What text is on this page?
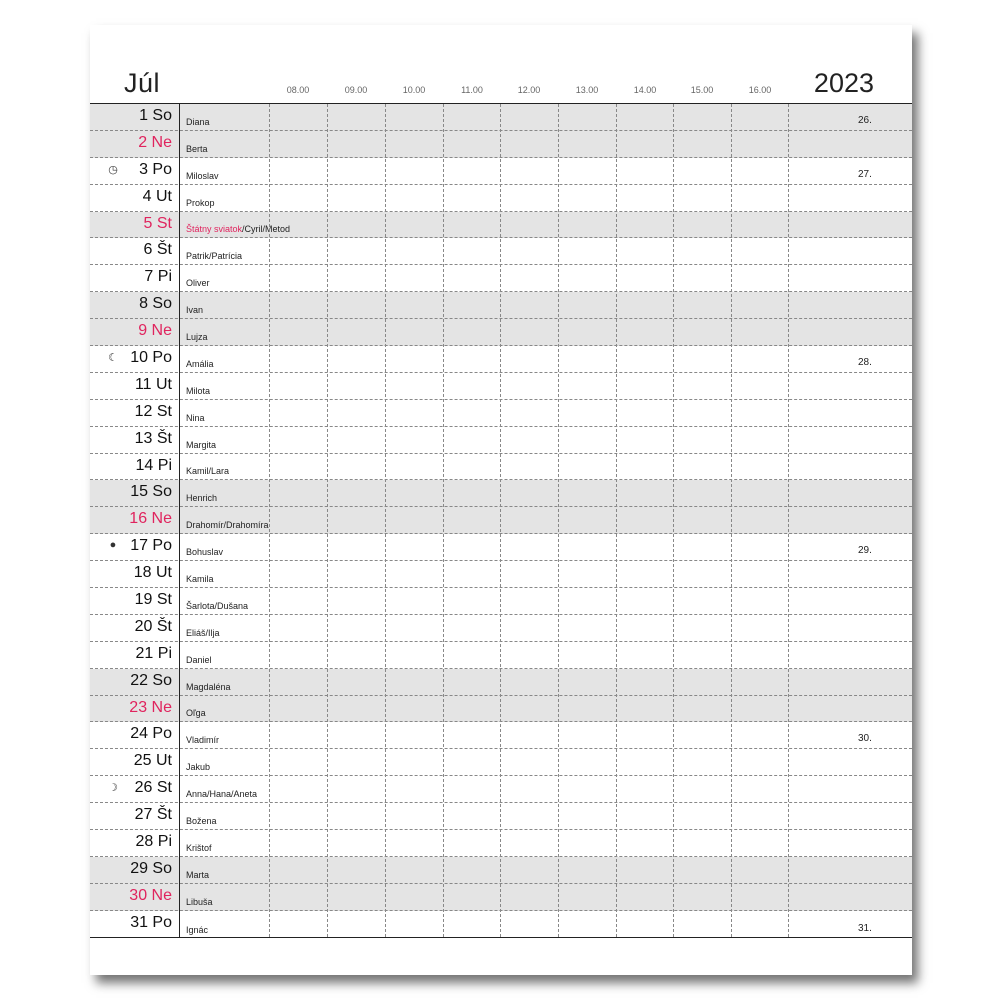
Júl	2023
08.00	09.00	10.00	11.00	12.00	13.00	14.00	15.00	16.00
1 So Diana	26.
2 Ne Berta
◷	3 Po Miloslav	27.
4 Ut Prokop
5 St Štátny sviatok/Cyril/Metod
6 Št Patrik/Patrícia
7 Pi Oliver
8 So Ivan
9 Ne Lujza
☾ 10 Po Amália	28.
11 Ut Milota
12 St Nina
13 Št Margita
14 Pi Kamil/Lara
15 So Henrich
16 Ne Drahomír/Drahomíra
● 17 Po Bohuslav	29.
18 Ut Kamila
19 St Šarlota/Dušana
20 Št Eliáš/Ilja
21 Pi Daniel
22 So Magdaléna
23 Ne Oľga
24 Po Vladimír	30.
25 Ut Jakub
☽	26 St Anna/Hana/Aneta
27 Št Božena
28 Pi Krištof
29 So Marta
30 Ne Libuša
31 Po Ignác	31.
